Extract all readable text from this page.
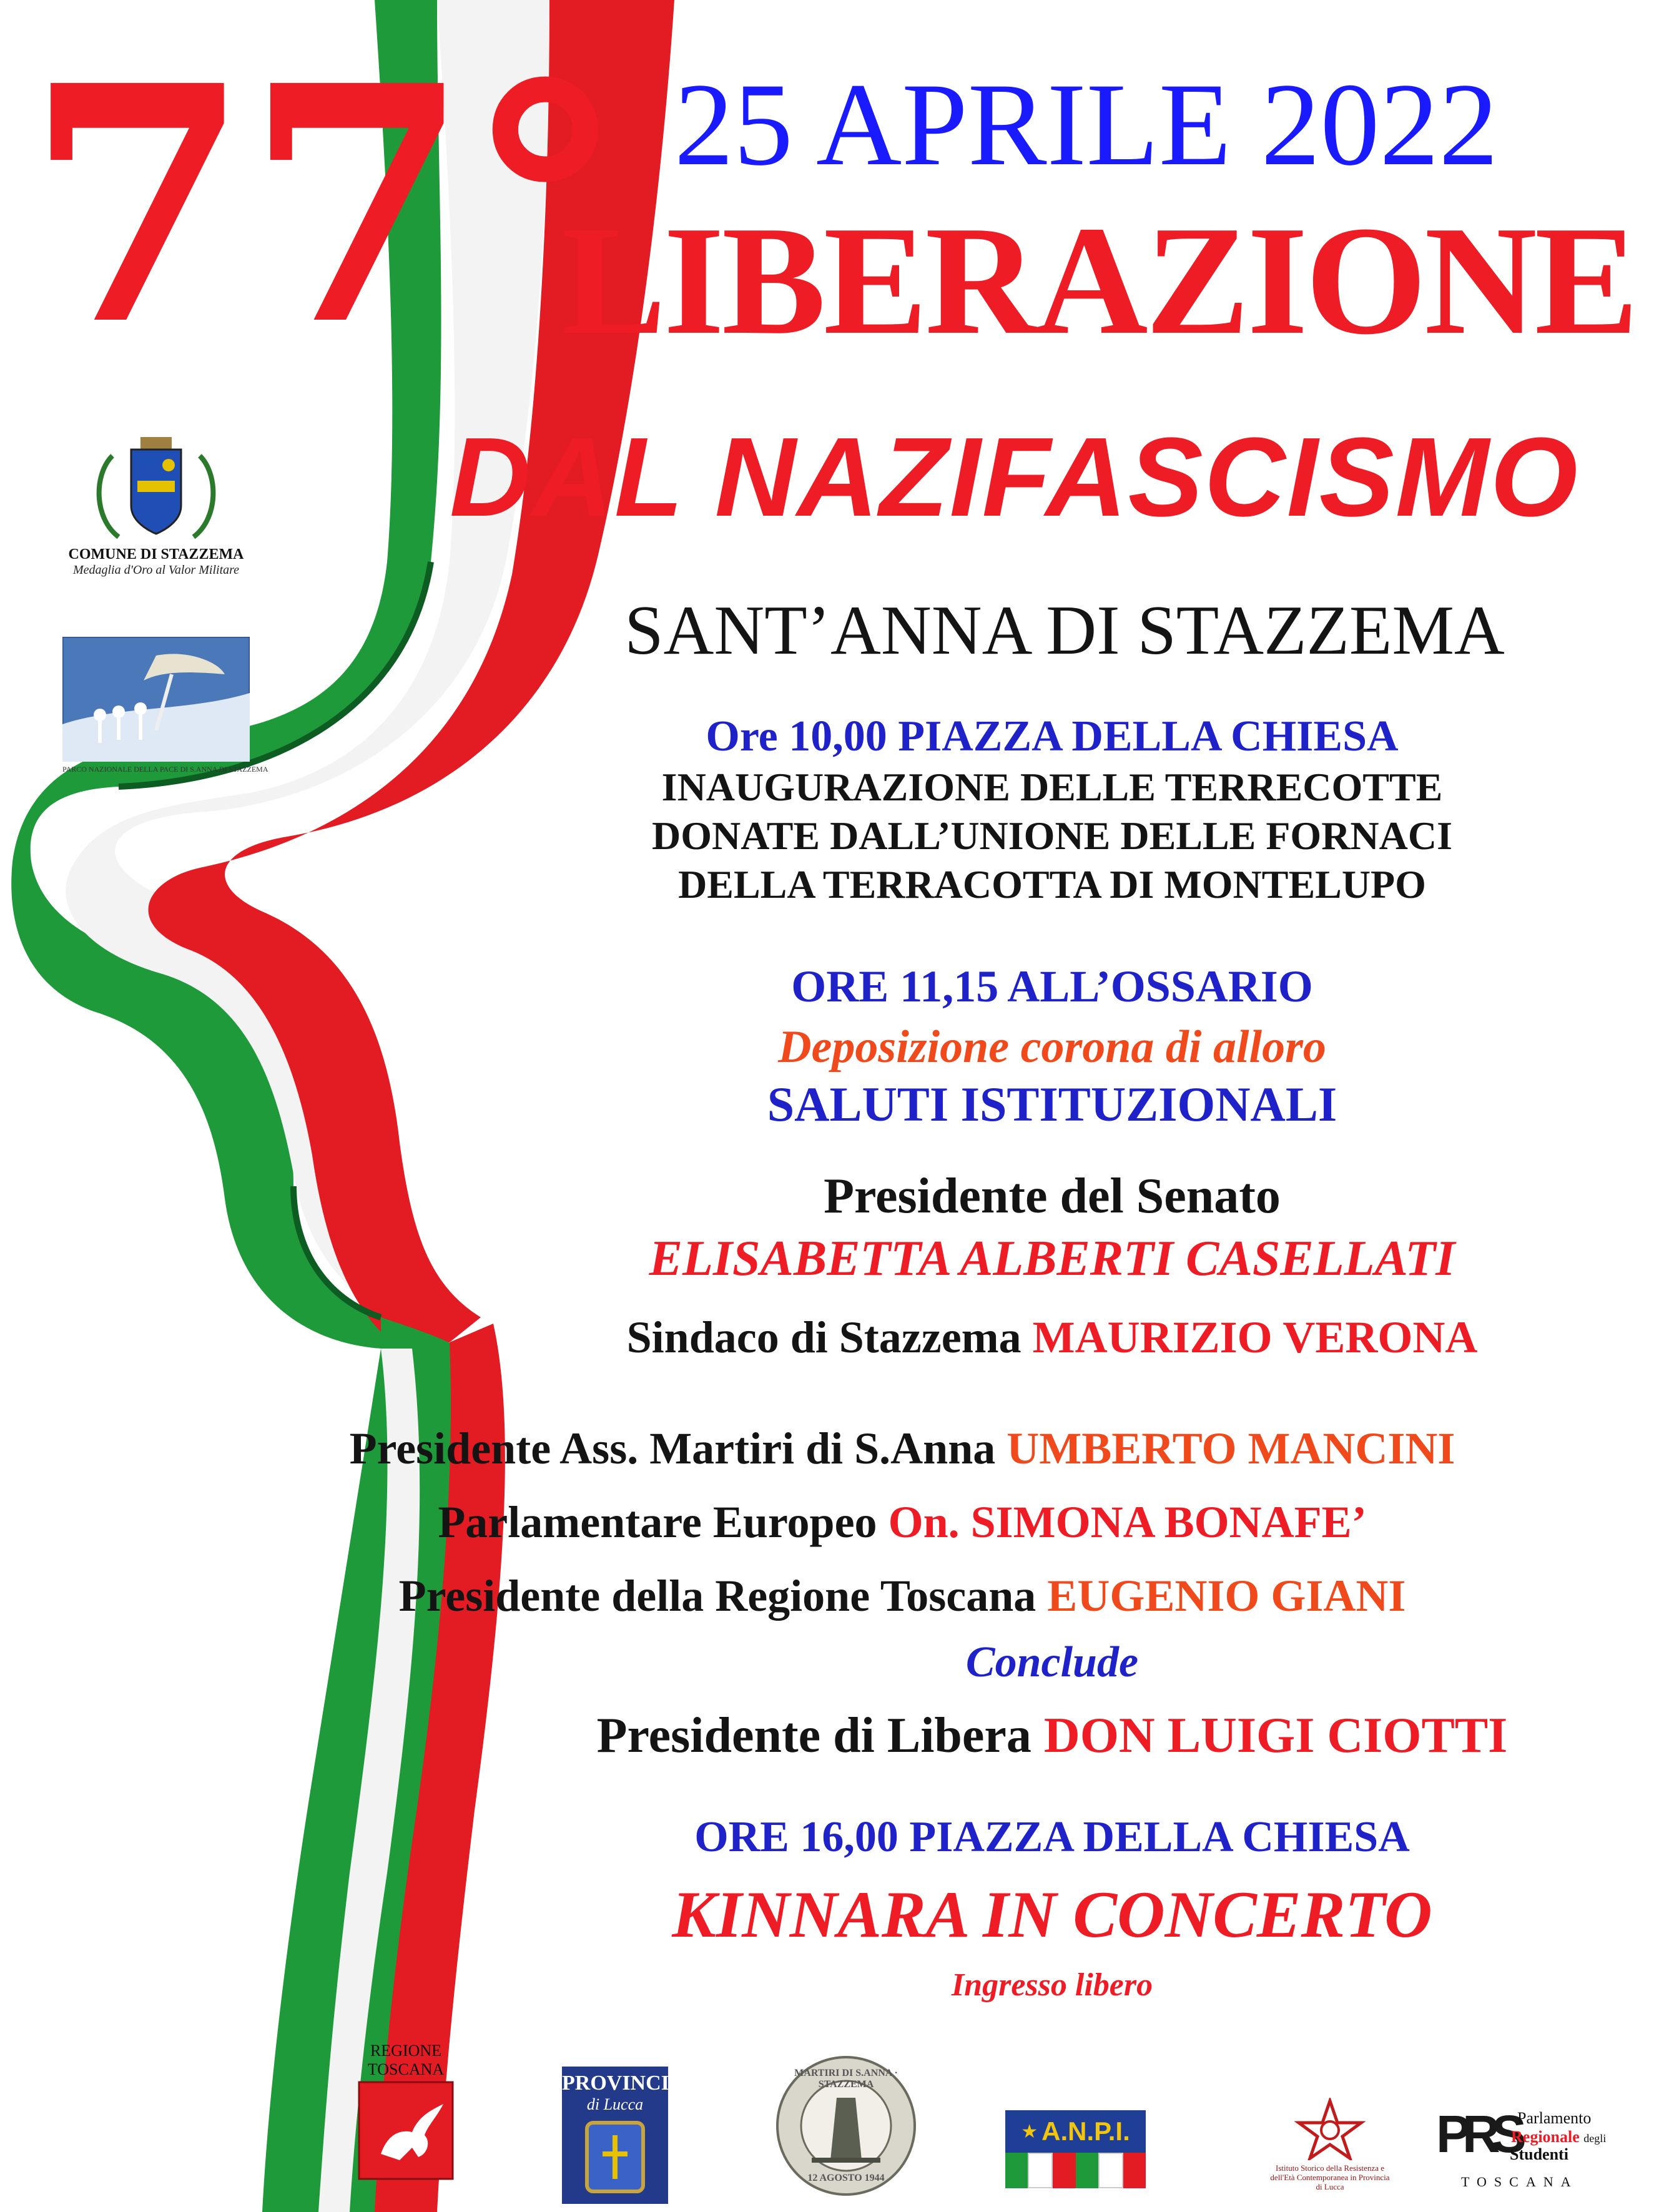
77° 25 APRILE 2022
LIBERAZIONE
DAL NAZIFASCISMO
COMUNE DI STAZZEMA
Medaglia d'Oro al Valor Militare
PARCO NAZIONALE DELLA PACE DI S.ANNA DI STAZZEMA
SANT’ANNA DI STAZZEMA
Ore 10,00 PIAZZA DELLA CHIESA
INAUGURAZIONE DELLE TERRECOTTE
DONATE DALL’UNIONE DELLE FORNACI
DELLA TERRACOTTA DI MONTELUPO
ORE 11,15 ALL’OSSARIO
Deposizione corona di alloro
SALUTI ISTITUZIONALI
Presidente del Senato
ELISABETTA ALBERTI CASELLATI
Sindaco di Stazzema MAURIZIO VERONA
Presidente Ass. Martiri di S.Anna UMBERTO MANCINI
Parlamentare Europeo On. SIMONA BONAFE’
Presidente della Regione Toscana EUGENIO GIANI
Conclude
Presidente di Libera DON LUIGI CIOTTI
ORE 16,00 PIAZZA DELLA CHIESA
KINNARA IN CONCERTO
Ingresso libero
REGIONE
TOSCANA
PROVINCIA
di Lucca
MARTIRI DI S.ANNA · STAZZEMA
12 AGOSTO 1944
★ A.N.P.I.
Istituto Storico della Resistenza e dell'Età Contemporanea in Provincia di Lucca
PRS Parlamento
Regionale degli
Studenti
TOSCANA
